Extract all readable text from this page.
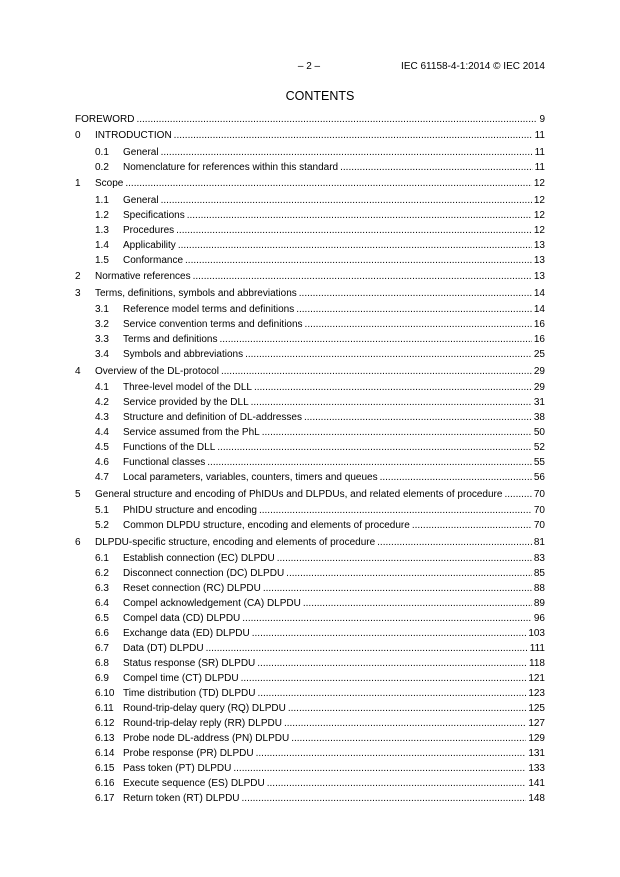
– 2 –	IEC 61158-4-1:2014 © IEC 2014
CONTENTS
FOREWORD .....	9
0 INTRODUCTION .....	11
0.1 General .....	11
0.2 Nomenclature for references within this standard .....	11
1 Scope .....	12
1.1 General .....	12
1.2 Specifications .....	12
1.3 Procedures .....	12
1.4 Applicability .....	13
1.5 Conformance .....	13
2 Normative references .....	13
3 Terms, definitions, symbols and abbreviations .....	14
3.1 Reference model terms and definitions .....	14
3.2 Service convention terms and definitions .....	16
3.3 Terms and definitions .....	16
3.4 Symbols and abbreviations .....	25
4 Overview of the DL-protocol .....	29
4.1 Three-level model of the DLL .....	29
4.2 Service provided by the DLL .....	31
4.3 Structure and definition of DL-addresses .....	38
4.4 Service assumed from the PhL .....	50
4.5 Functions of the DLL .....	52
4.6 Functional classes .....	55
4.7 Local parameters, variables, counters, timers and queues .....	56
5 General structure and encoding of PhIDUs and DLPDUs, and related elements of procedure .....	70
5.1 PhIDU structure and encoding .....	70
5.2 Common DLPDU structure, encoding and elements of procedure .....	70
6 DLPDU-specific structure, encoding and elements of procedure .....	81
6.1 Establish connection (EC) DLPDU .....	83
6.2 Disconnect connection (DC) DLPDU .....	85
6.3 Reset connection (RC) DLPDU .....	88
6.4 Compel acknowledgement (CA) DLPDU .....	89
6.5 Compel data (CD) DLPDU .....	96
6.6 Exchange data (ED) DLPDU .....	103
6.7 Data (DT) DLPDU .....	111
6.8 Status response (SR) DLPDU .....	118
6.9 Compel time (CT) DLPDU .....	121
6.10 Time distribution (TD) DLPDU .....	123
6.11 Round-trip-delay query (RQ) DLPDU .....	125
6.12 Round-trip-delay reply (RR) DLPDU .....	127
6.13 Probe node DL-address (PN) DLPDU .....	129
6.14 Probe response (PR) DLPDU .....	131
6.15 Pass token (PT) DLPDU .....	133
6.16 Execute sequence (ES) DLPDU .....	141
6.17 Return token (RT) DLPDU .....	148
